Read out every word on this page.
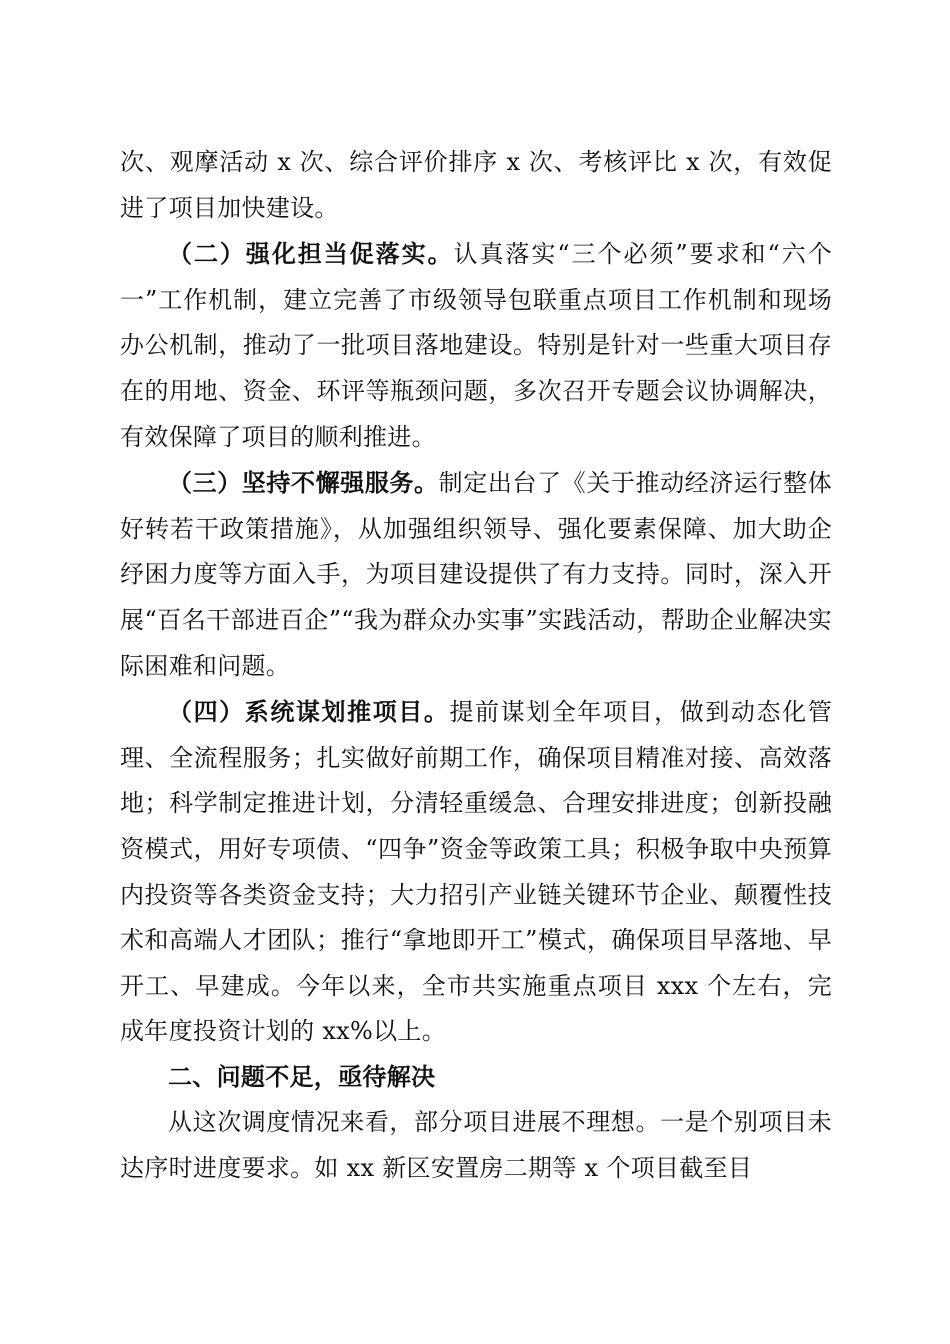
次、观摩活动 x 次、综合评价排序 x 次、考核评比 x 次，有效促进了项目加快建设。

（二）强化担当促落实。认真落实“三个必须”要求和“六个一”工作机制，建立完善了市级领导包联重点项目工作机制和现场办公机制，推动了一批项目落地建设。特别是针对一些重大项目存在的用地、资金、环评等瓶颈问题，多次召开专题会议协调解决，有效保障了项目的顺利推进。

（三）坚持不懈强服务。制定出台了《关于推动经济运行整体好转若干政策措施》，从加强组织领导、强化要素保障、加大助企纾困力度等方面入手，为项目建设提供了有力支持。同时，深入开展“百名干部进百企”“我为群众办实事”实践活动，帮助企业解决实际困难和问题。

（四）系统谋划推项目。提前谋划全年项目，做到动态化管理、全流程服务；扎实做好前期工作，确保项目精准对接、高效落地；科学制定推进计划，分清轻重缓急、合理安排进度；创新投融资模式，用好专项债、“四争”资金等政策工具；积极争取中央预算内投资等各类资金支持；大力招引产业链关键环节企业、颠覆性技术和高端人才团队；推行“拿地即开工”模式，确保项目早落地、早开工、早建成。今年以来，全市共实施重点项目 xxx 个左右，完成年度投资计划的 xx%以上。

二、问题不足，亟待解决

从这次调度情况来看，部分项目进展不理想。一是个别项目未达序时进度要求。如 xx 新区安置房二期等 x 个项目截至目
